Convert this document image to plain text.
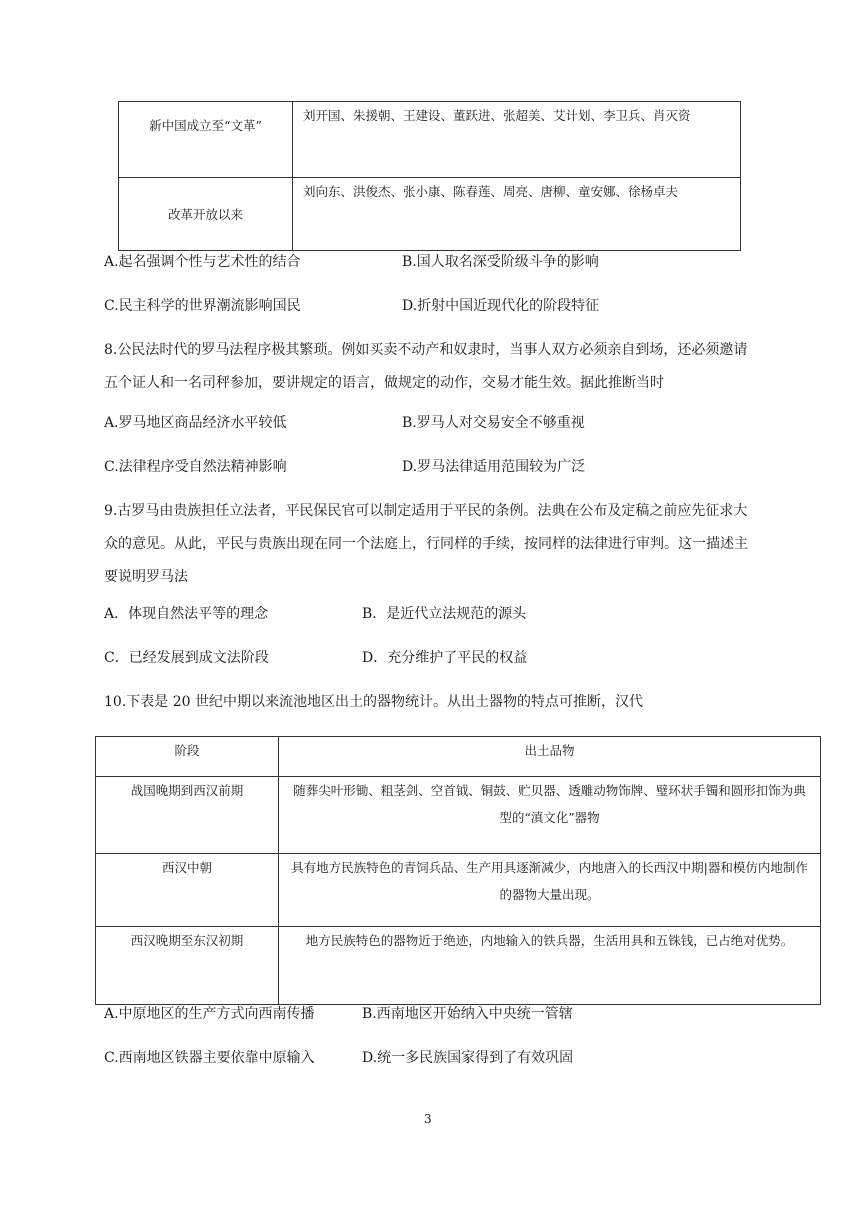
新中国成立至“文革”	刘开国、朱援朝、王建设、董跃进、张超美、艾计划、李卫兵、肖灭资
改革开放以来	刘向东、洪俊杰、张小康、陈春莲、周亮、唐柳、童安娜、徐杨卓夫
A.起名强调个性与艺术性的结合	B.国人取名深受阶级斗争的影响
C.民主科学的世界潮流影响国民	D.折射中国近现代化的阶段特征
8.公民法时代的罗马法程序极其繁琐。例如买卖不动产和奴隶时，当事人双方必须亲自到场，还必须邀请五个证人和一名司秤参加，要讲规定的语言，做规定的动作，交易才能生效。据此推断当时
A.罗马地区商品经济水平较低	B.罗马人对交易安全不够重视
C.法律程序受自然法精神影响	D.罗马法律适用范围较为广泛
9.古罗马由贵族担任立法者，平民保民官可以制定适用于平民的条例。法典在公布及定稿之前应先征求大众的意见。从此，平民与贵族出现在同一个法庭上，行同样的手续，按同样的法律进行审判。这一描述主要说明罗马法
A．体现自然法平等的理念	B．是近代立法规范的源头
C．已经发展到成文法阶段	D．充分维护了平民的权益
10.下表是 20 世纪中期以来流池地区出土的器物统计。从出土器物的特点可推断，汉代
阶段	出土品物
战国晚期到西汉前期	随葬尖叶形锄、粗茎剑、空首钺、铜鼓、贮贝器、透雕动物饰牌、璧环状手镯和圆形扣饰为典型的“滇文化”器物
西汉中朝	具有地方民族特色的青饲兵品、生产用具逐渐减少，内地唐入的长西汉中期|器和模仿内地制作的器物大量出现。
西汉晚期至东汉初期	地方民族特色的器物近于绝迹，内地输入的铁兵器，生活用具和五铢钱，已占绝对优势。
A.中原地区的生产方式向西南传播	B.西南地区开始纳入中央统一管辖
C.西南地区铁器主要依靠中原输入	D.统一多民族国家得到了有效巩固
3
